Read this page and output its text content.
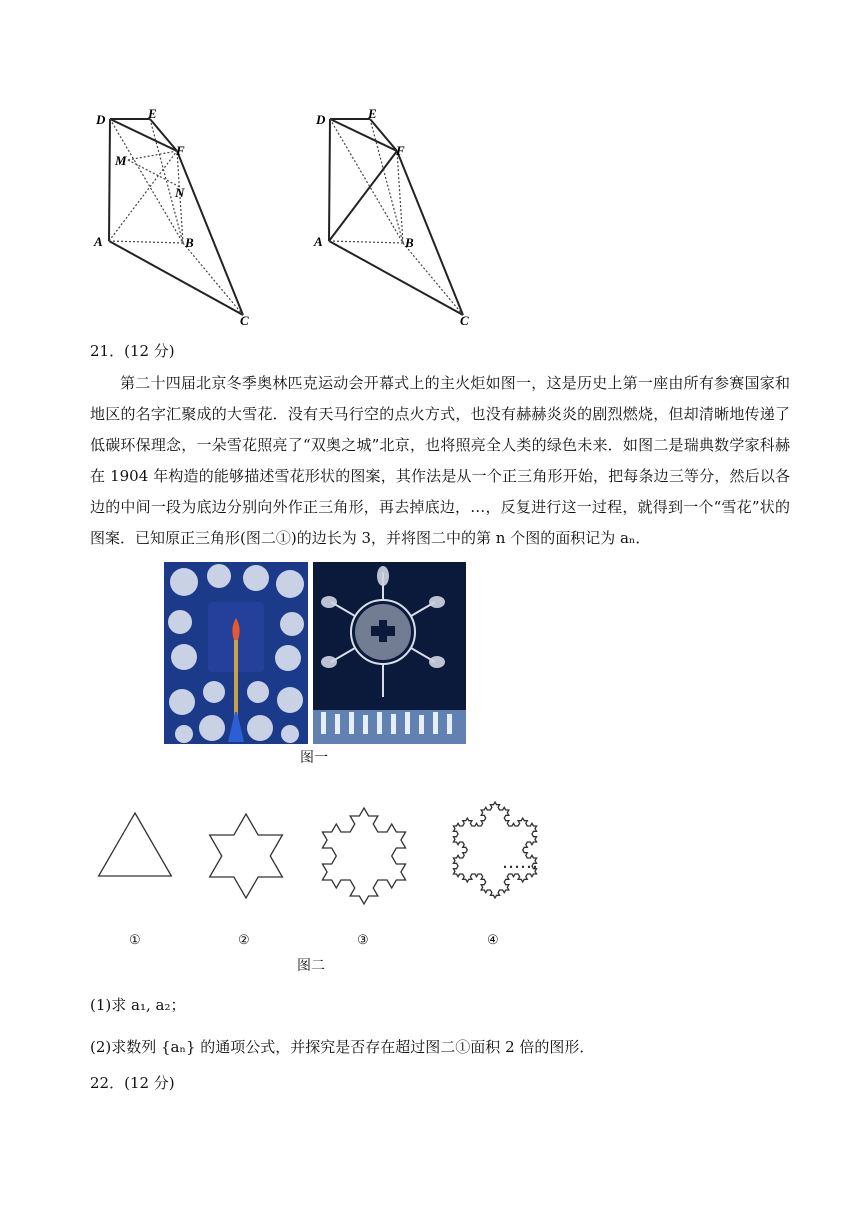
D	E
F
M
N
A	B
C
D	E
F
A	B
C
21．(12 分)

第二十四届北京冬季奥林匹克运动会开幕式上的主火炬如图一，这是历史上第一座由所有参赛国家和地区的名字汇聚成的大雪花．没有天马行空的点火方式，也没有赫赫炎炎的剧烈燃烧，但却清晰地传递了低碳环保理念，一朵雪花照亮了“双奥之城”北京，也将照亮全人类的绿色未来．如图二是瑞典数学家科赫在 1904 年构造的能够描述雪花形状的图案，其作法是从一个正三角形开始，把每条边三等分，然后以各边的中间一段为底边分别向外作正三角形，再去掉底边，…，反复进行这一过程，就得到一个“雪花”状的图案．已知原正三角形(图二①)的边长为 3，并将图二中的第 n 个图的面积记为 aₙ．

图一
……
①	②	③	④
图二
(1)求 a₁, a₂；
(2)求数列 {aₙ} 的通项公式，并探究是否存在超过图二①面积 2 倍的图形．
22．(12 分)
